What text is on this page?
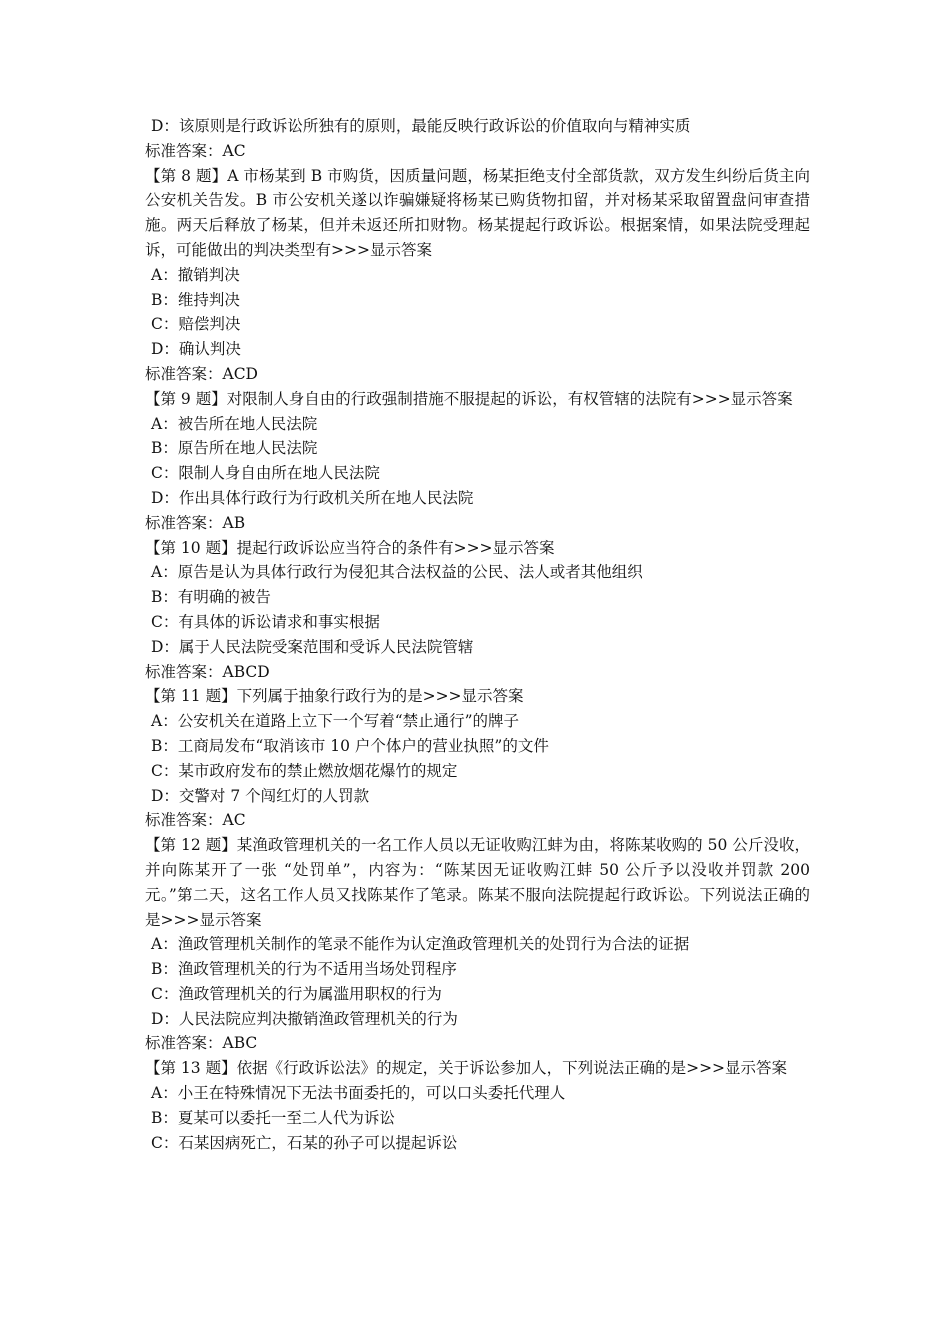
D：该原则是行政诉讼所独有的原则，最能反映行政诉讼的价值取向与精神实质
标准答案：AC
【第 8 题】A 市杨某到 B 市购货，因质量问题，杨某拒绝支付全部货款，双方发生纠纷后货主向公安机关告发。B 市公安机关遂以诈骗嫌疑将杨某已购货物扣留，并对杨某采取留置盘问审查措施。两天后释放了杨某，但并未返还所扣财物。杨某提起行政诉讼。根据案情，如果法院受理起诉，可能做出的判决类型有>>>显示答案
A：撤销判决
B：维持判决
C：赔偿判决
D：确认判决
标准答案：ACD
【第 9 题】对限制人身自由的行政强制措施不服提起的诉讼，有权管辖的法院有>>>显示答案
A：被告所在地人民法院
B：原告所在地人民法院
C：限制人身自由所在地人民法院
D：作出具体行政行为行政机关所在地人民法院
标准答案：AB
【第 10 题】提起行政诉讼应当符合的条件有>>>显示答案
A：原告是认为具体行政行为侵犯其合法权益的公民、法人或者其他组织
B：有明确的被告
C：有具体的诉讼请求和事实根据
D：属于人民法院受案范围和受诉人民法院管辖
标准答案：ABCD
【第 11 题】下列属于抽象行政行为的是>>>显示答案
A：公安机关在道路上立下一个写着“禁止通行”的牌子
B：工商局发布“取消该市 10 户个体户的营业执照”的文件
C：某市政府发布的禁止燃放烟花爆竹的规定
D：交警对 7 个闯红灯的人罚款
标准答案：AC
【第 12 题】某渔政管理机关的一名工作人员以无证收购江蚌为由，将陈某收购的 50 公斤没收，并向陈某开了一张 “处罚单”，内容为：“陈某因无证收购江蚌 50 公斤予以没收并罚款 200 元。”第二天，这名工作人员又找陈某作了笔录。陈某不服向法院提起行政诉讼。下列说法正确的是>>>显示答案
A：渔政管理机关制作的笔录不能作为认定渔政管理机关的处罚行为合法的证据
B：渔政管理机关的行为不适用当场处罚程序
C：渔政管理机关的行为属滥用职权的行为
D：人民法院应判决撤销渔政管理机关的行为
标准答案：ABC
【第 13 题】依据《行政诉讼法》的规定，关于诉讼参加人，下列说法正确的是>>>显示答案
A：小王在特殊情况下无法书面委托的，可以口头委托代理人
B：夏某可以委托一至二人代为诉讼
C：石某因病死亡，石某的孙子可以提起诉讼
